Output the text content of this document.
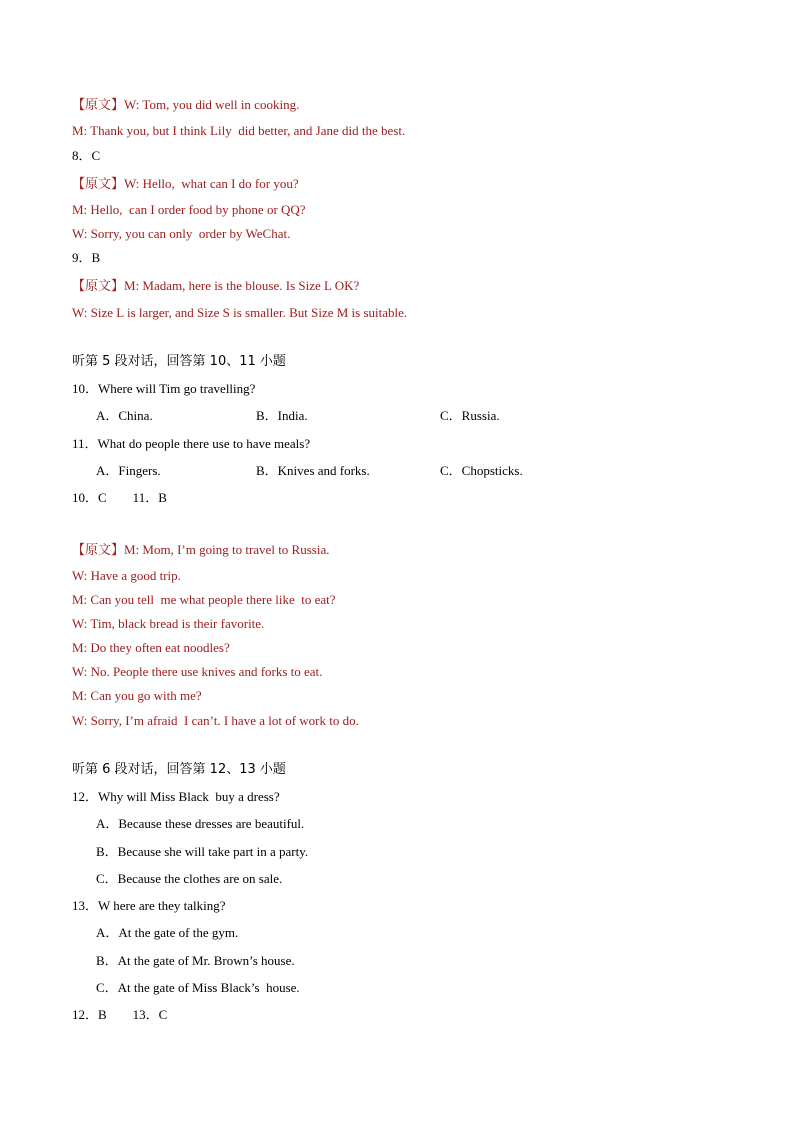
【原文】W: Tom, you did well in cooking.
M: Thank you, but I think Lily  did better, and Jane did the best.
8．C
【原文】W: Hello,  what can I do for you?
M: Hello,  can I order food by phone or QQ?
W: Sorry, you can only  order by WeChat.
9．B
【原文】M: Madam, here is the blouse. Is Size L OK?
W: Size L is larger, and Size S is smaller. But Size M is suitable.
听第 5 段对话，回答第 10、11 小题
10．Where will Tim go travelling?
A．China.	B．India.	C．Russia.
11．What do people there use to have meals?
A．Fingers.	B．Knives and forks.	C．Chopsticks.
10．C        11．B
【原文】M: Mom, I’m going to travel to Russia.
W: Have a good trip.
M: Can you tell  me what people there like  to eat?
W: Tim, black bread is their favorite.
M: Do they often eat noodles?
W: No. People there use knives and forks to eat.
M: Can you go with me?
W: Sorry, I’m afraid  I can’t. I have a lot of work to do.
听第 6 段对话，回答第 12、13 小题
12．Why will Miss Black  buy a dress?
A．Because these dresses are beautiful.
B．Because she will take part in a party.
C．Because the clothes are on sale.
13．W here are they talking?
A．At the gate of the gym.
B．At the gate of Mr. Brown’s house.
C．At the gate of Miss Black’s  house.
12．B        13．C
